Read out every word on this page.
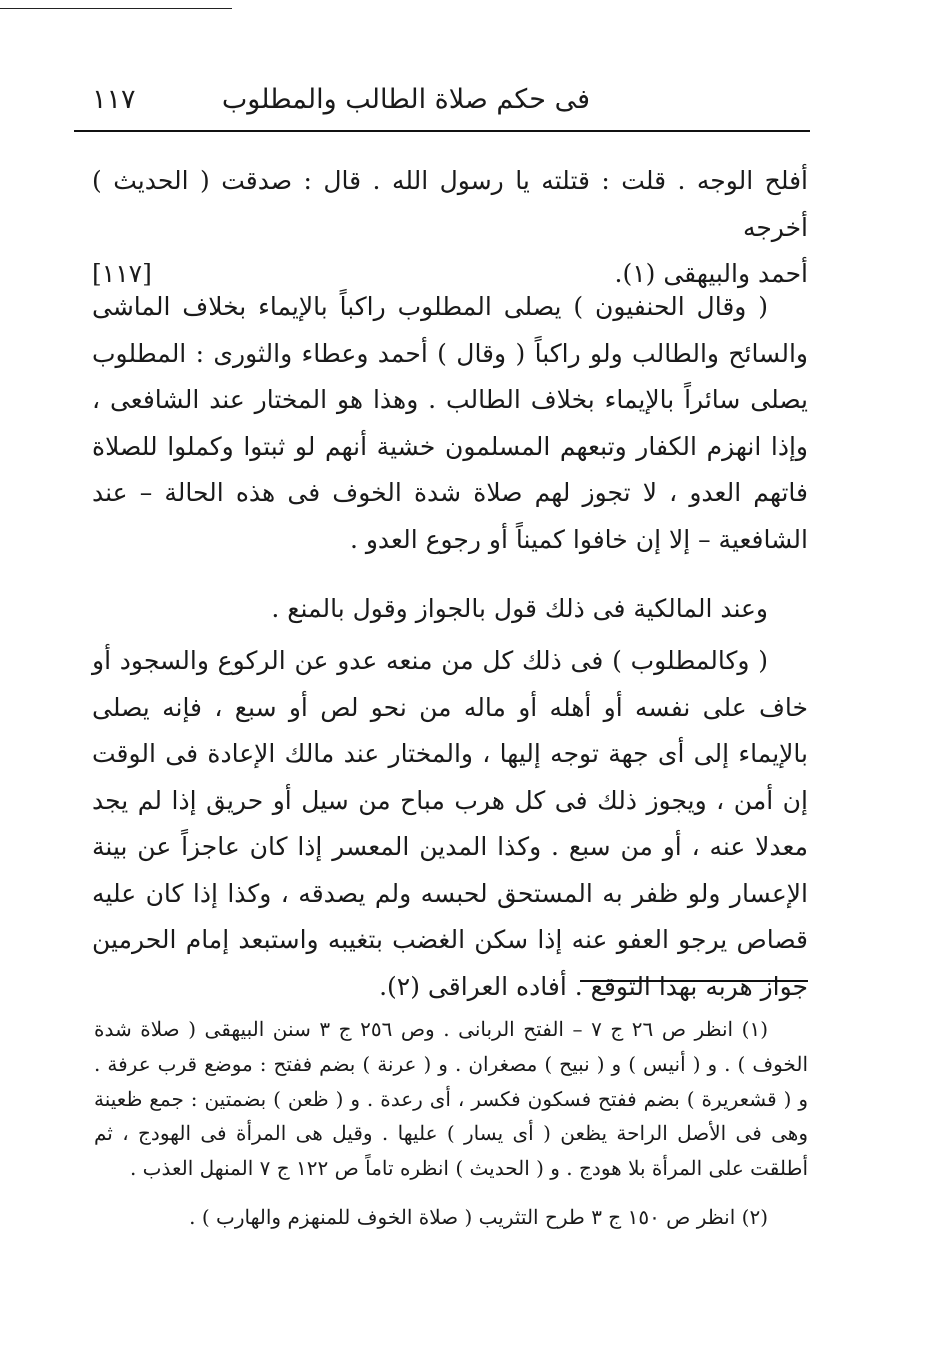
فى حكم صلاة الطالب والمطلوب
١١٧

أفلح الوجه . قلت : قتلته يا رسول الله . قال : صدقت ( الحديث ) أخرجه

أحمد والبيهقى (١).
[١١٧]

( وقال الحنفيون ) يصلى المطلوب راكباً بالإيماء بخلاف الماشى والسائح والطالب ولو راكباً ( وقال ) أحمد وعطاء والثورى : المطلوب يصلى سائراً بالإيماء بخلاف الطالب . وهذا هو المختار عند الشافعى ، وإذا انهزم الكفار وتبعهم المسلمون خشية أنهم لو ثبتوا وكملوا للصلاة فاتهم العدو ، لا تجوز لهم صلاة شدة الخوف فى هذه الحالة – عند الشافعية – إلا إن خافوا كميناً أو رجوع العدو .

وعند المالكية فى ذلك قول بالجواز وقول بالمنع .

( وكالمطلوب ) فى ذلك كل من منعه عدو عن الركوع والسجود أو خاف على نفسه أو أهله أو ماله من نحو لص أو سبع ، فإنه يصلى بالإيماء إلى أى جهة توجه إليها ، والمختار عند مالك الإعادة فى الوقت إن أمن ، ويجوز ذلك فى كل هرب مباح من سيل أو حريق إذا لم يجد معدلا عنه ، أو من سبع . وكذا المدين المعسر إذا كان عاجزاً عن بينة الإعسار ولو ظفر به المستحق لحبسه ولم يصدقه ، وكذا إذا كان عليه قصاص يرجو العفو عنه إذا سكن الغضب بتغيبه واستبعد إمام الحرمين جواز هربه بهذا التوقع . أفاده العراقى (٢).

(١) انظر ص ٢٦ ج ٧ – الفتح الربانى . وص ٢٥٦ ج ٣ سنن البيهقى ( صلاة شدة الخوف ) . و ( أنيس ) و ( نبيح ) مصغران . و ( عرنة ) بضم ففتح : موضع قرب عرفة . و ( قشعريرة ) بضم ففتح فسكون فكسر ، أى رعدة . و ( ظعن ) بضمتين : جمع ظعينة وهى فى الأصل الراحة يظعن ( أى يسار ) عليها . وقيل هى المرأة فى الهودج ، ثم أطلقت على المرأة بلا هودج . و ( الحديث ) انظره تاماً ص ١٢٢ ج ٧ المنهل العذب .

(٢) انظر ص ١٥٠ ج ٣ طرح التثريب ( صلاة الخوف للمنهزم والهارب ) .
